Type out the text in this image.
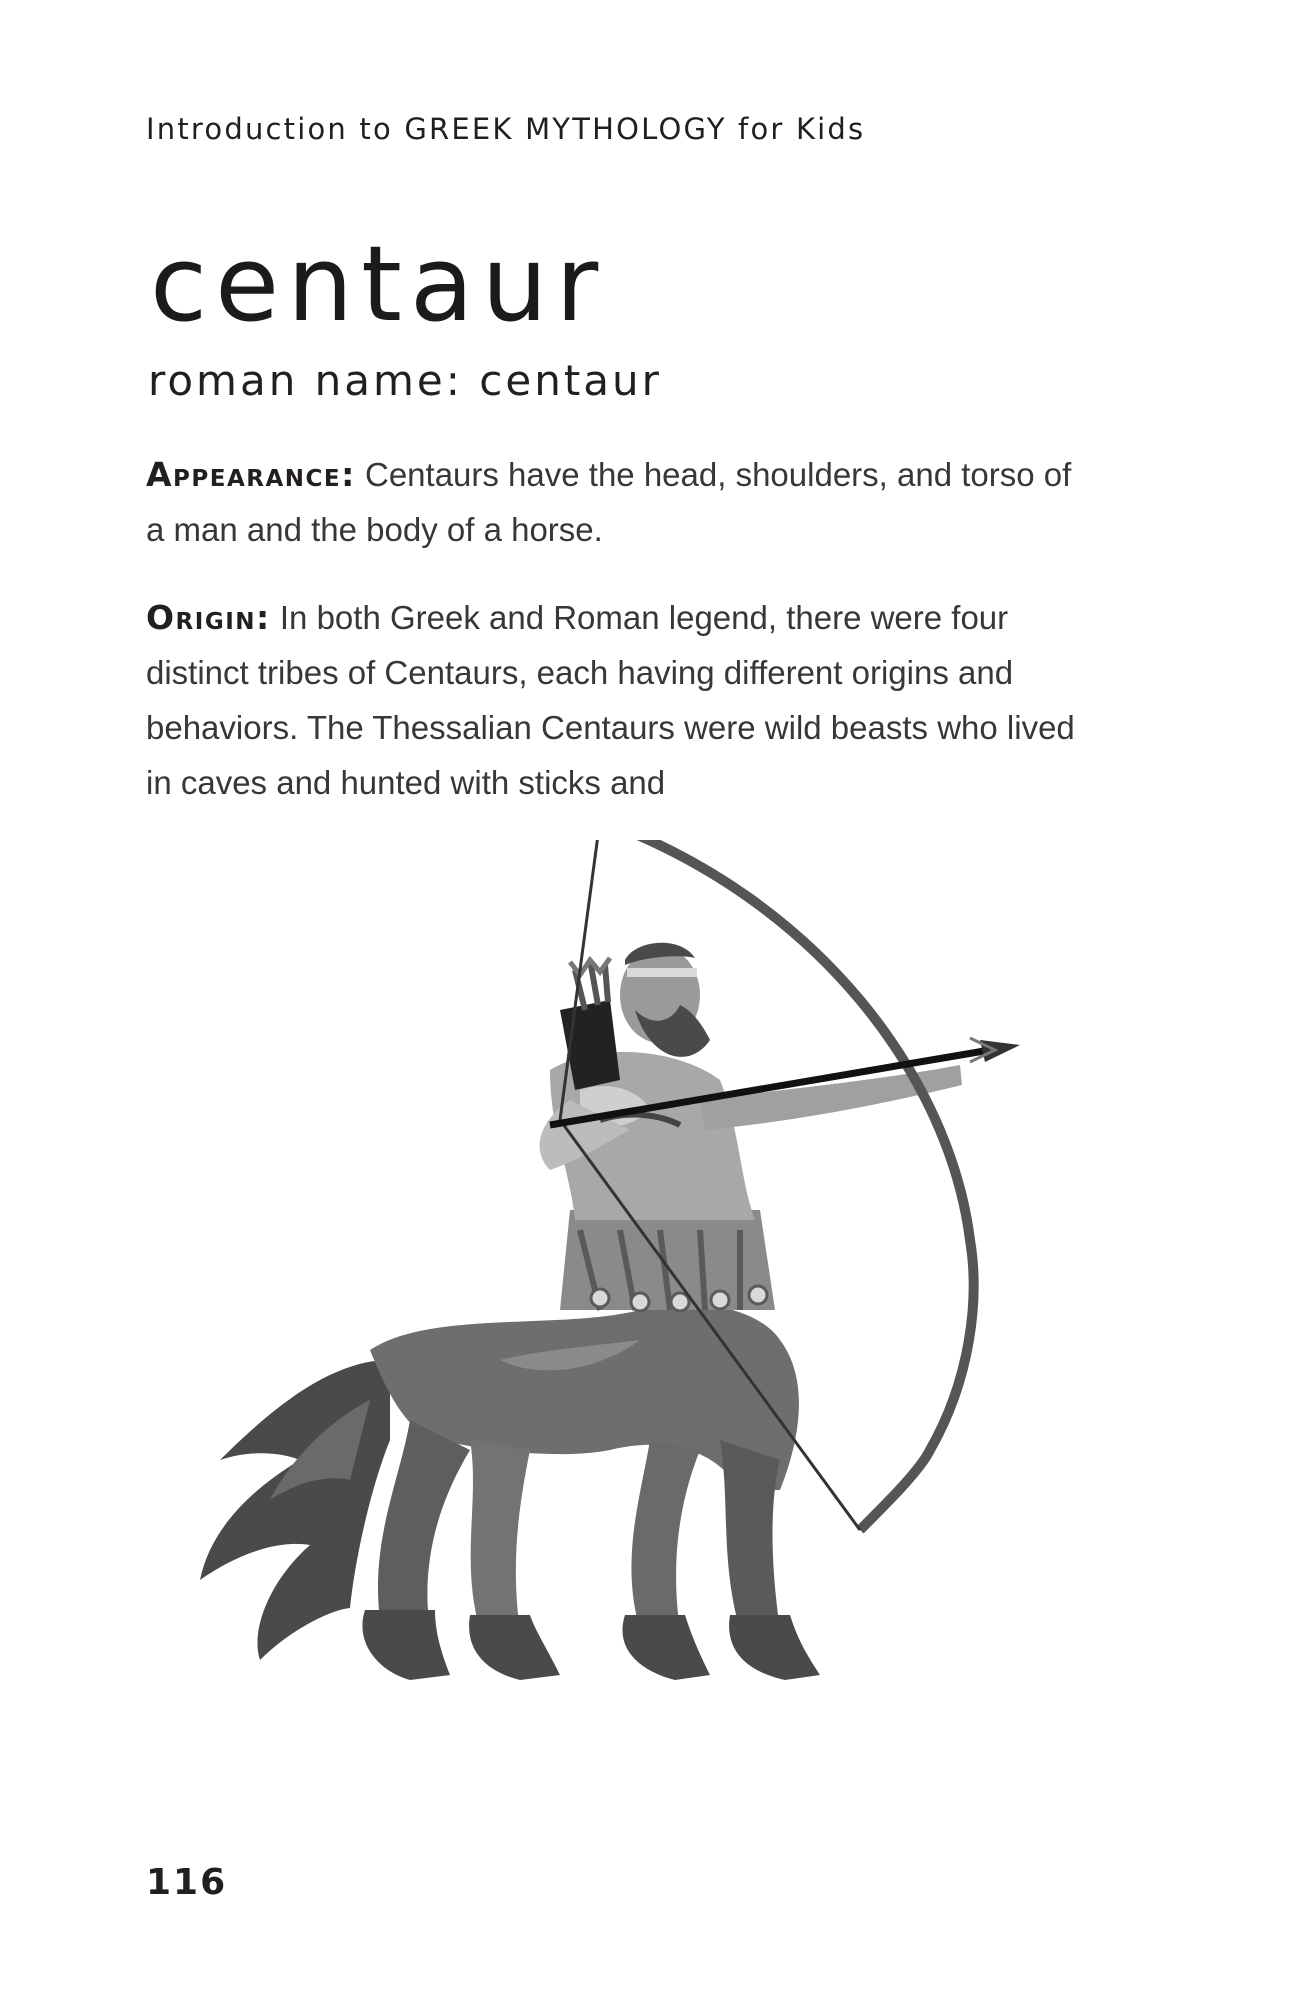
Introduction to GREEK MYTHOLOGY for Kids
centaur
roman name: centaur

Appearance: Centaurs have the head, shoulders, and torso of a man and the body of a horse.

Origin: In both Greek and Roman legend, there were four distinct tribes of Centaurs, each having different origins and behaviors. The Thessalian Centaurs were wild beasts who lived in caves and hunted with sticks and

116
